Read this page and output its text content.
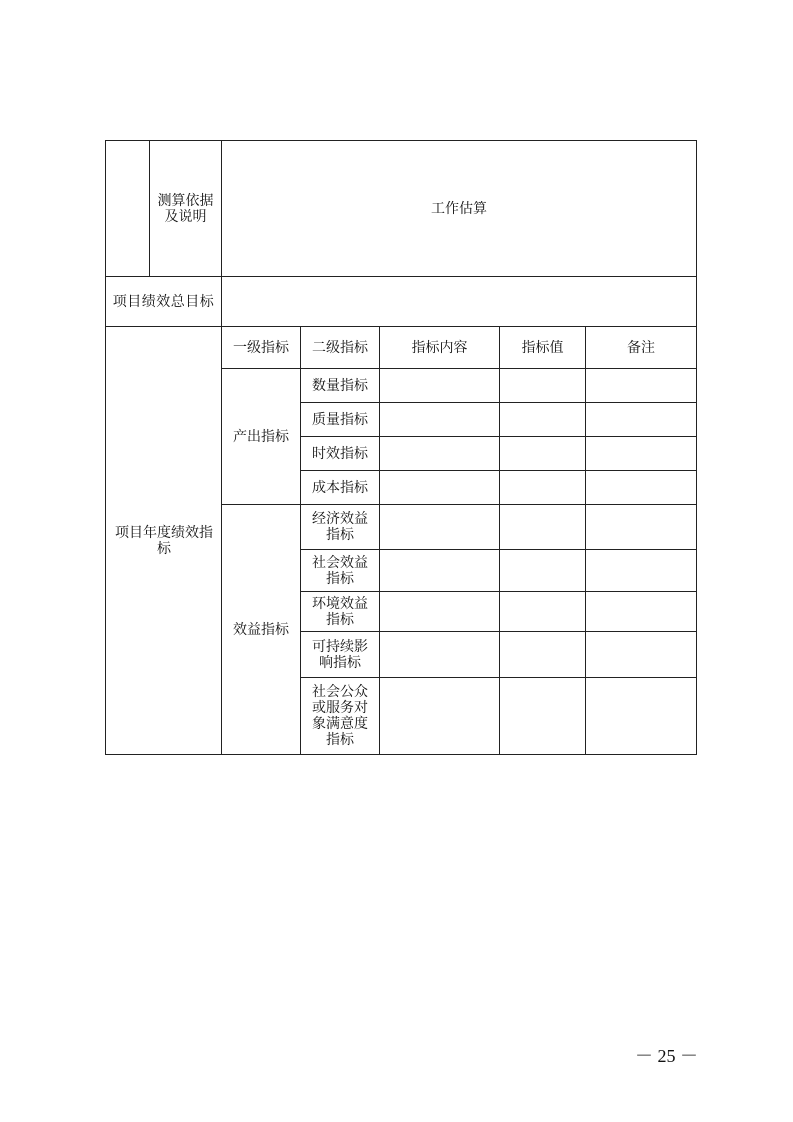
	测算依据及说明	工作估算				
项目绩效总目标						
项目年度绩效指标		一级指标	二级指标	指标内容	指标值	备注
		产出指标	数量指标			
			质量指标			
			时效指标			
			成本指标			
		效益指标	经济效益指标			
			社会效益指标			
			环境效益指标			
			可持续影响指标			
			社会公众或服务对象满意度指标			
－ 25 －
